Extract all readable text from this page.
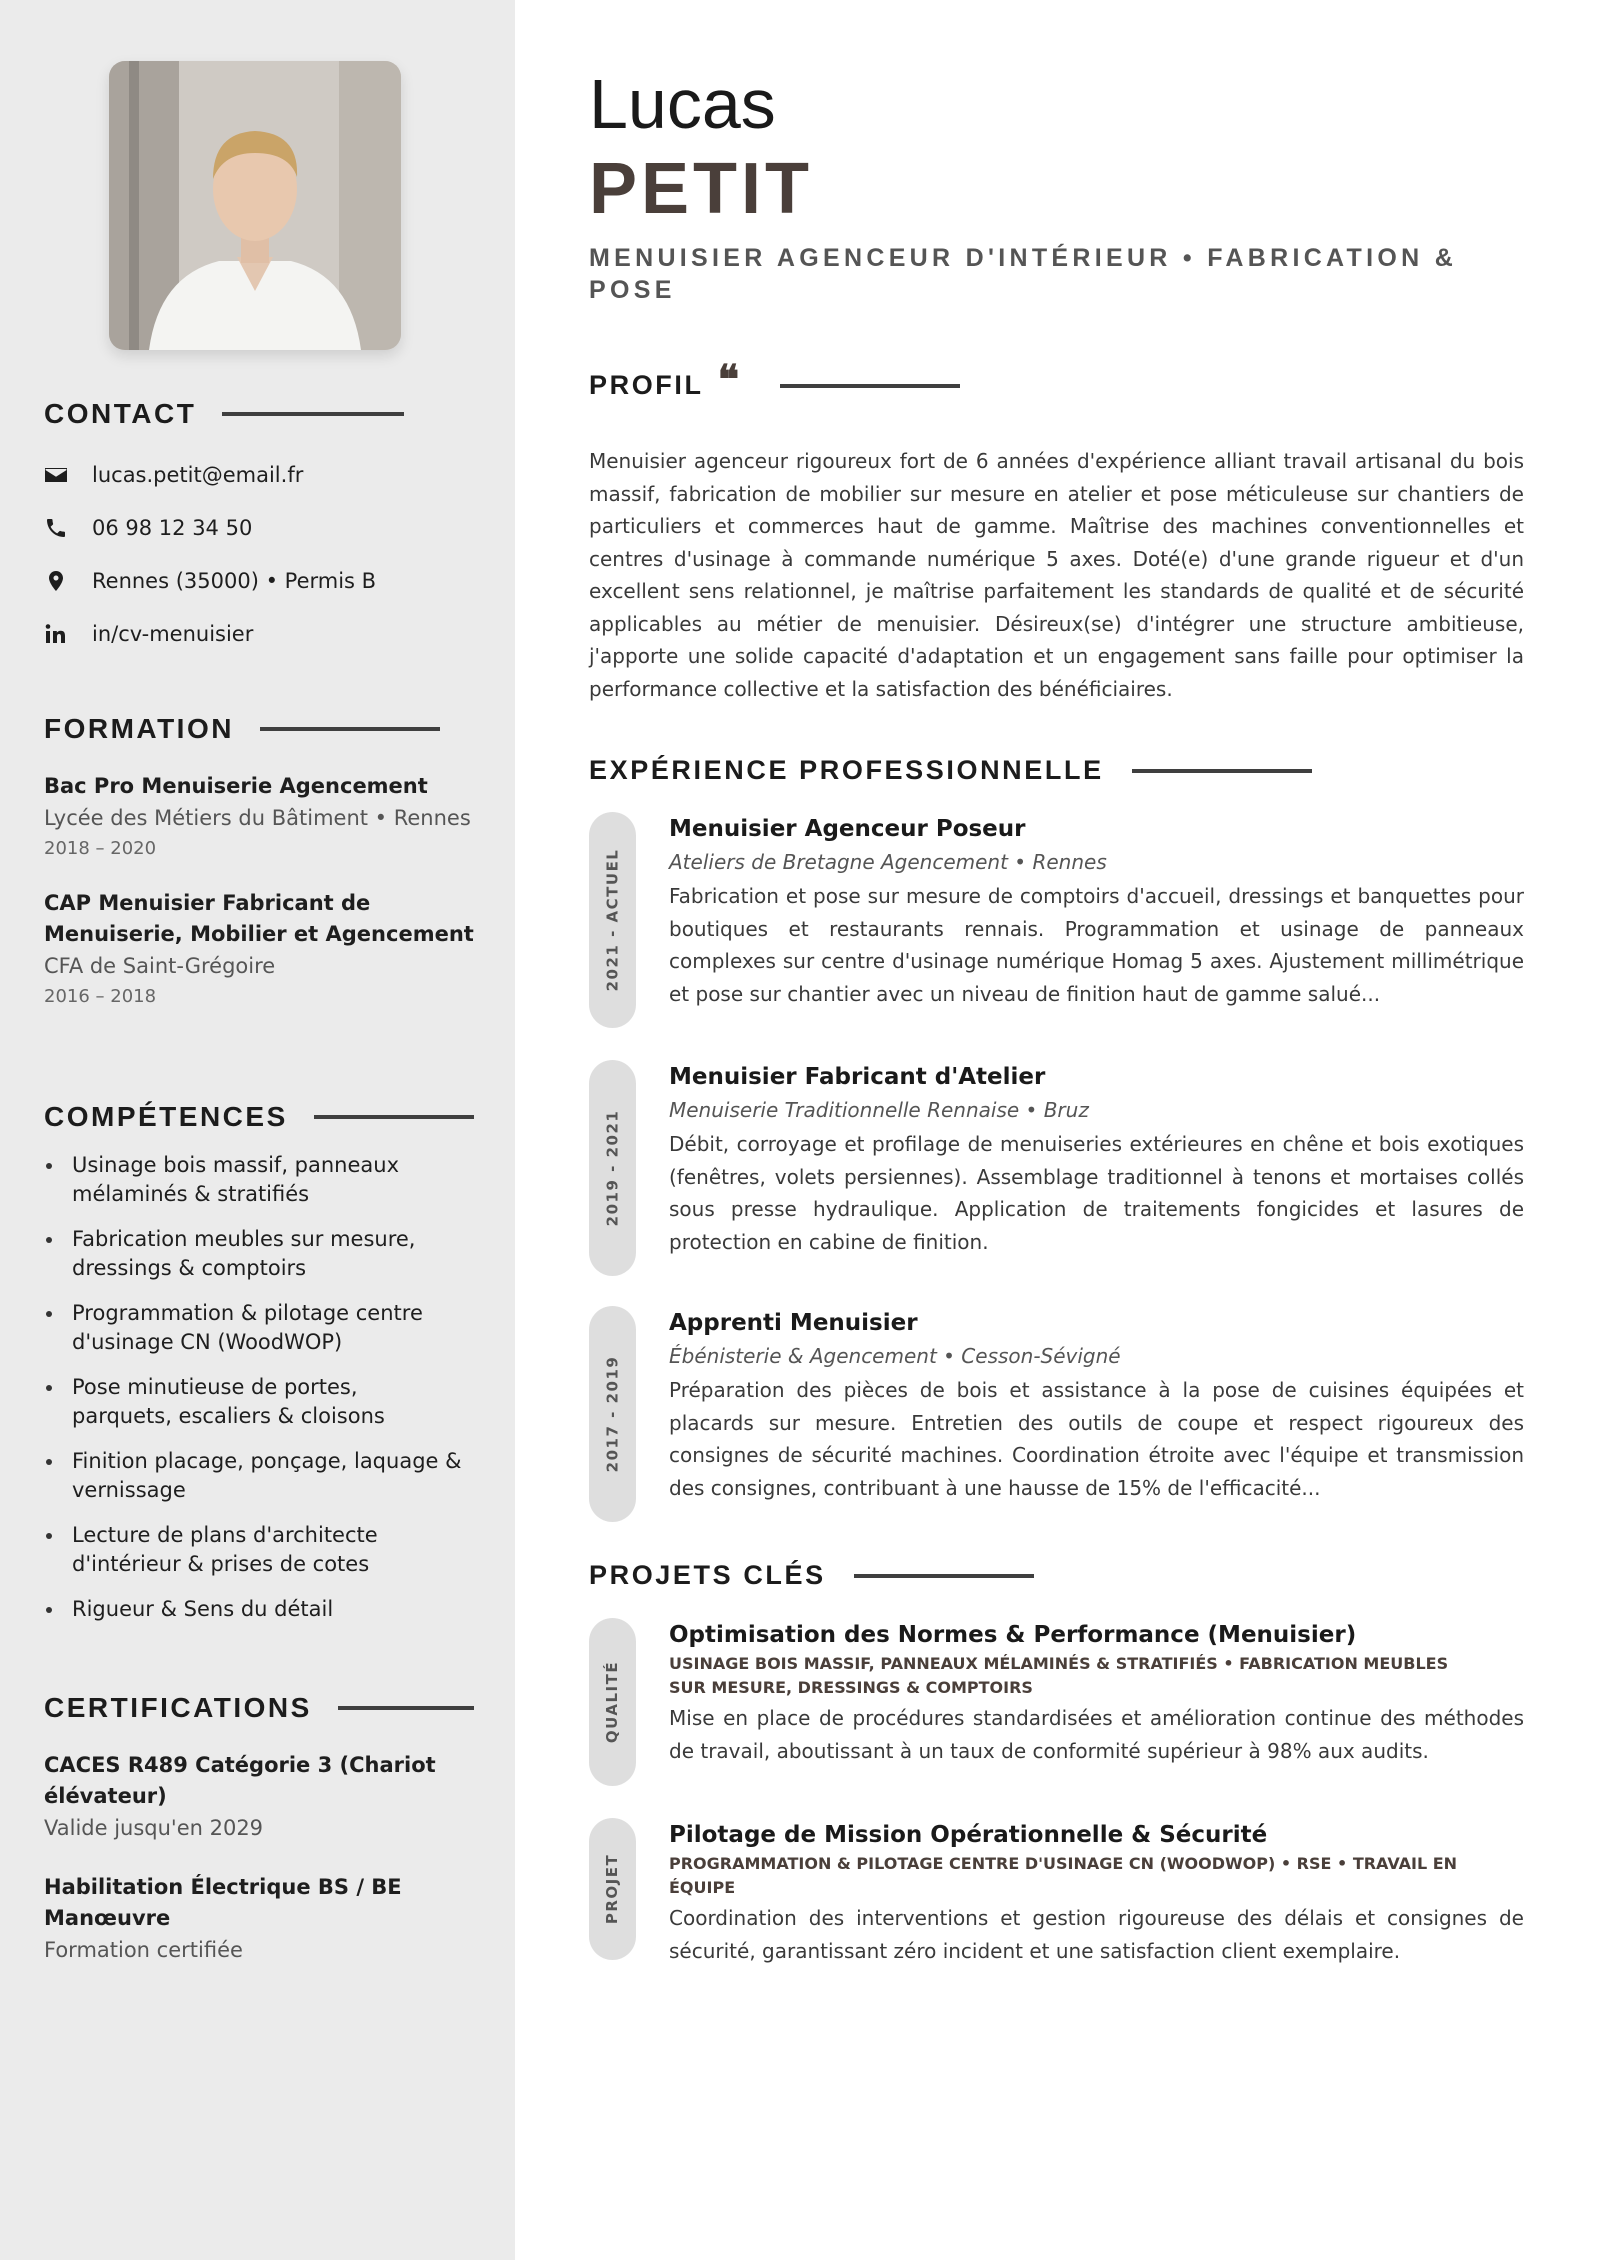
CONTACT
lucas.petit@email.fr
06 98 12 34 50
Rennes (35000) • Permis B
in/cv-menuisier
FORMATION
Bac Pro Menuiserie Agencement
Lycée des Métiers du Bâtiment • Rennes
2018 – 2020
CAP Menuisier Fabricant de Menuiserie, Mobilier et Agencement
CFA de Saint-Grégoire
2016 – 2018
COMPÉTENCES
Usinage bois massif, panneaux mélaminés & stratifiés
Fabrication meubles sur mesure, dressings & comptoirs
Programmation & pilotage centre d'usinage CN (WoodWOP)
Pose minutieuse de portes, parquets, escaliers & cloisons
Finition placage, ponçage, laquage & vernissage
Lecture de plans d'architecte d'intérieur & prises de cotes
Rigueur & Sens du détail
CERTIFICATIONS
CACES R489 Catégorie 3 (Chariot élévateur)
Valide jusqu'en 2029
Habilitation Électrique BS / BE Manœuvre
Formation certifiée
Lucas
PETIT
MENUISIER AGENCEUR D'INTÉRIEUR • FABRICATION & POSE
PROFIL ❝

Menuisier agenceur rigoureux fort de 6 années d'expérience alliant travail artisanal du bois massif, fabrication de mobilier sur mesure en atelier et pose méticuleuse sur chantiers de particuliers et commerces haut de gamme. Maîtrise des machines conventionnelles et centres d'usinage à commande numérique 5 axes. Doté(e) d'une grande rigueur et d'un excellent sens relationnel, je maîtrise parfaitement les standards de qualité et de sécurité applicables au métier de menuisier. Désireux(se) d'intégrer une structure ambitieuse, j'apporte une solide capacité d'adaptation et un engagement sans faille pour optimiser la performance collective et la satisfaction des bénéficiaires.

EXPÉRIENCE PROFESSIONNELLE
2021 - ACTUEL
Menuisier Agenceur Poseur
Ateliers de Bretagne Agencement • Rennes
Fabrication et pose sur mesure de comptoirs d'accueil, dressings et banquettes pour boutiques et restaurants rennais. Programmation et usinage de panneaux complexes sur centre d'usinage numérique Homag 5 axes. Ajustement millimétrique et pose sur chantier avec un niveau de finition haut de gamme salué...
2019 - 2021
Menuisier Fabricant d'Atelier
Menuiserie Traditionnelle Rennaise • Bruz
Débit, corroyage et profilage de menuiseries extérieures en chêne et bois exotiques (fenêtres, volets persiennes). Assemblage traditionnel à tenons et mortaises collés sous presse hydraulique. Application de traitements fongicides et lasures de protection en cabine de finition.
2017 - 2019
Apprenti Menuisier
Ébénisterie & Agencement • Cesson-Sévigné
Préparation des pièces de bois et assistance à la pose de cuisines équipées et placards sur mesure. Entretien des outils de coupe et respect rigoureux des consignes de sécurité machines. Coordination étroite avec l'équipe et transmission des consignes, contribuant à une hausse de 15% de l'efficacité...
PROJETS CLÉS
QUALITÉ
Optimisation des Normes & Performance (Menuisier)
USINAGE BOIS MASSIF, PANNEAUX MÉLAMINÉS & STRATIFIÉS • FABRICATION MEUBLES SUR MESURE, DRESSINGS & COMPTOIRS
Mise en place de procédures standardisées et amélioration continue des méthodes de travail, aboutissant à un taux de conformité supérieur à 98% aux audits.
PROJET
Pilotage de Mission Opérationnelle & Sécurité
PROGRAMMATION & PILOTAGE CENTRE D'USINAGE CN (WOODWOP) • RSE • TRAVAIL EN ÉQUIPE
Coordination des interventions et gestion rigoureuse des délais et consignes de sécurité, garantissant zéro incident et une satisfaction client exemplaire.
